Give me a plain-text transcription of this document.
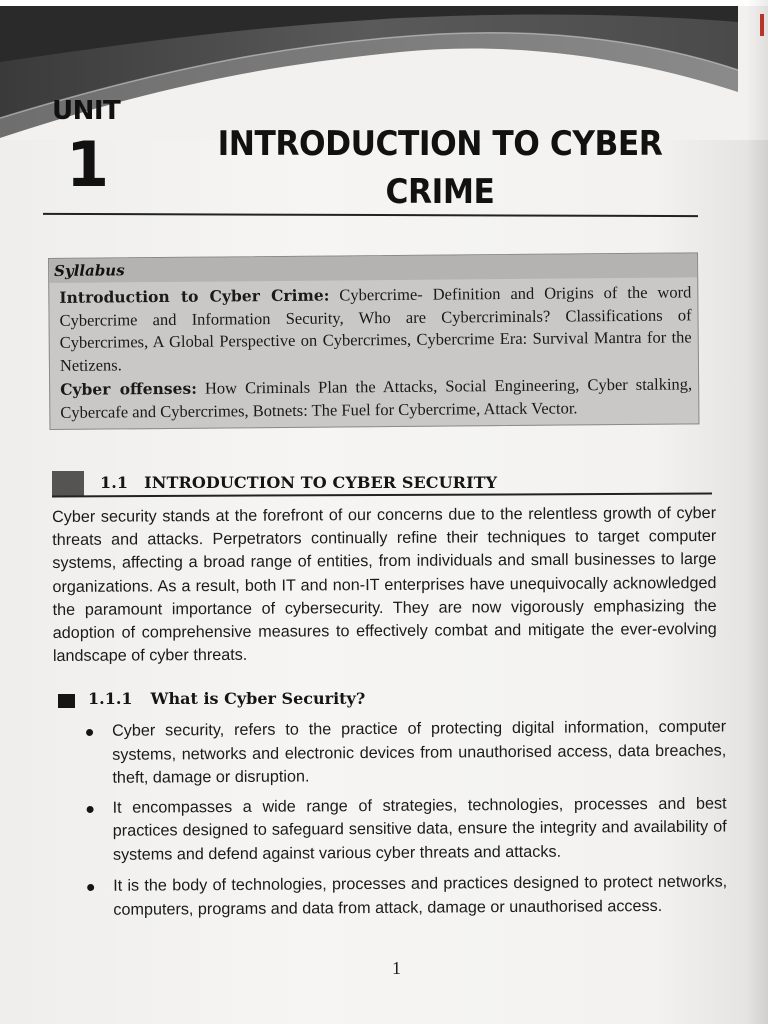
UNIT
1	INTRODUCTION TO CYBER
CRIME
Syllabus

Introduction to Cyber Crime: Cybercrime- Definition and Origins of the word Cybercrime and Information Security, Who are Cybercriminals? Classifications of Cybercrimes, A Global Perspective on Cybercrimes, Cybercrime Era: Survival Mantra for the Netizens.

Cyber offenses: How Criminals Plan the Attacks, Social Engineering, Cyber stalking, Cybercafe and Cybercrimes, Botnets: The Fuel for Cybercrime, Attack Vector.

1.1 INTRODUCTION TO CYBER SECURITY

Cyber security stands at the forefront of our concerns due to the relentless growth of cyber threats and attacks. Perpetrators continually refine their techniques to target computer systems, affecting a broad range of entities, from individuals and small businesses to large organizations. As a result, both IT and non-IT enterprises have unequivocally acknowledged the paramount importance of cybersecurity. They are now vigorously emphasizing the adoption of comprehensive measures to effectively combat and mitigate the ever-evolving landscape of cyber threats.

1.1.1 What is Cyber Security?
Cyber security, refers to the practice of protecting digital information, computer systems, networks and electronic devices from unauthorised access, data breaches, theft, damage or disruption.
It encompasses a wide range of strategies, technologies, processes and best practices designed to safeguard sensitive data, ensure the integrity and availability of systems and defend against various cyber threats and attacks.
It is the body of technologies, processes and practices designed to protect networks, computers, programs and data from attack, damage or unauthorised access.
1
